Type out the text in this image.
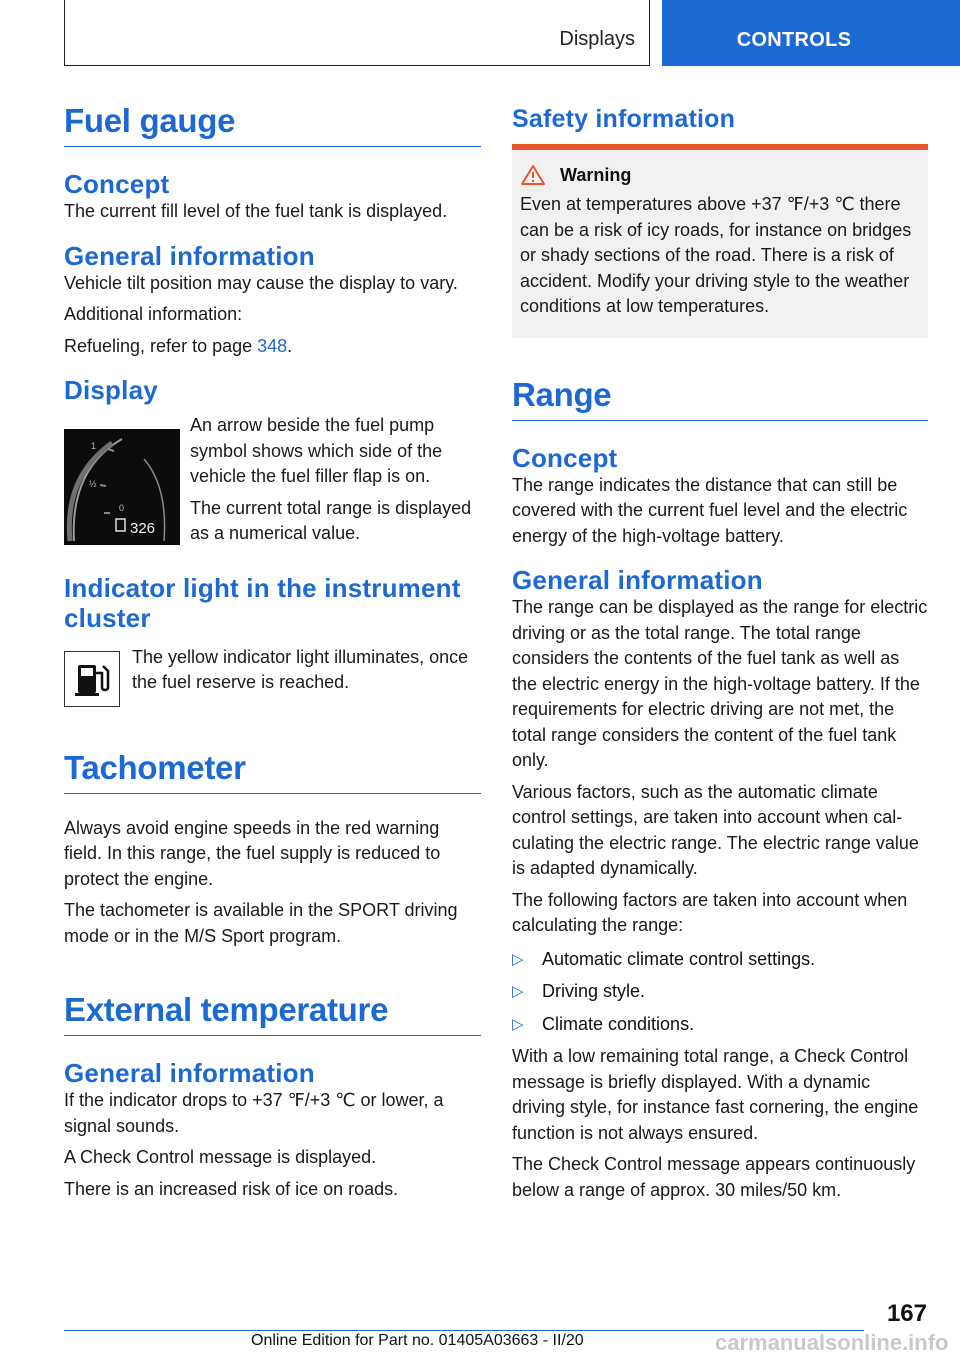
Displays	CONTROLS
Fuel gauge
Concept

The current fill level of the fuel tank is displayed.

General information

Vehicle tilt position may cause the display to vary.

Additional information:

Refueling, refer to page 348.

Display
1
½
0
326

An arrow beside the fuel pump symbol shows which side of the vehicle the fuel filler flap is on.

The current total range is displayed as a numerical value.

Indicator light in the instrument cluster

The yellow indicator light illuminates, once the fuel reserve is reached.

Tachometer

Always avoid engine speeds in the red warning field. In this range, the fuel supply is reduced to protect the engine.

The tachometer is available in the SPORT driving mode or in the M/S Sport program.

External temperature
General information

If the indicator drops to +37 ℉/+3 ℃ or lower, a signal sounds.

A Check Control message is displayed.

There is an increased risk of ice on roads.

Safety information
Warning

Even at temperatures above +37 ℉/+3 ℃ there can be a risk of icy roads, for instance on bridges or shady sections of the road. There is a risk of accident. Modify your driving style to the weather conditions at low temperatures.

Range
Concept

The range indicates the distance that can still be covered with the current fuel level and the electric energy of the high-voltage battery.

General information

The range can be displayed as the range for electric driving or as the total range. The total range considers the contents of the fuel tank as well as the electric energy in the high-voltage battery. If the requirements for electric driving are not met, the total range considers the content of the fuel tank only.

Various factors, such as the automatic climate control settings, are taken into account when calculating the electric range. The electric range value is adapted dynamically.

The following factors are taken into account when calculating the range:

▷	Automatic climate control settings.
▷	Driving style.
▷	Climate conditions.

With a low remaining total range, a Check Control message is briefly displayed. With a dynamic driving style, for instance fast cornering, the engine function is not always ensured.

The Check Control message appears continuously below a range of approx. 30 miles/50 km.

167
Online Edition for Part no. 01405A03663 - II/20	carmanualsonline.info
